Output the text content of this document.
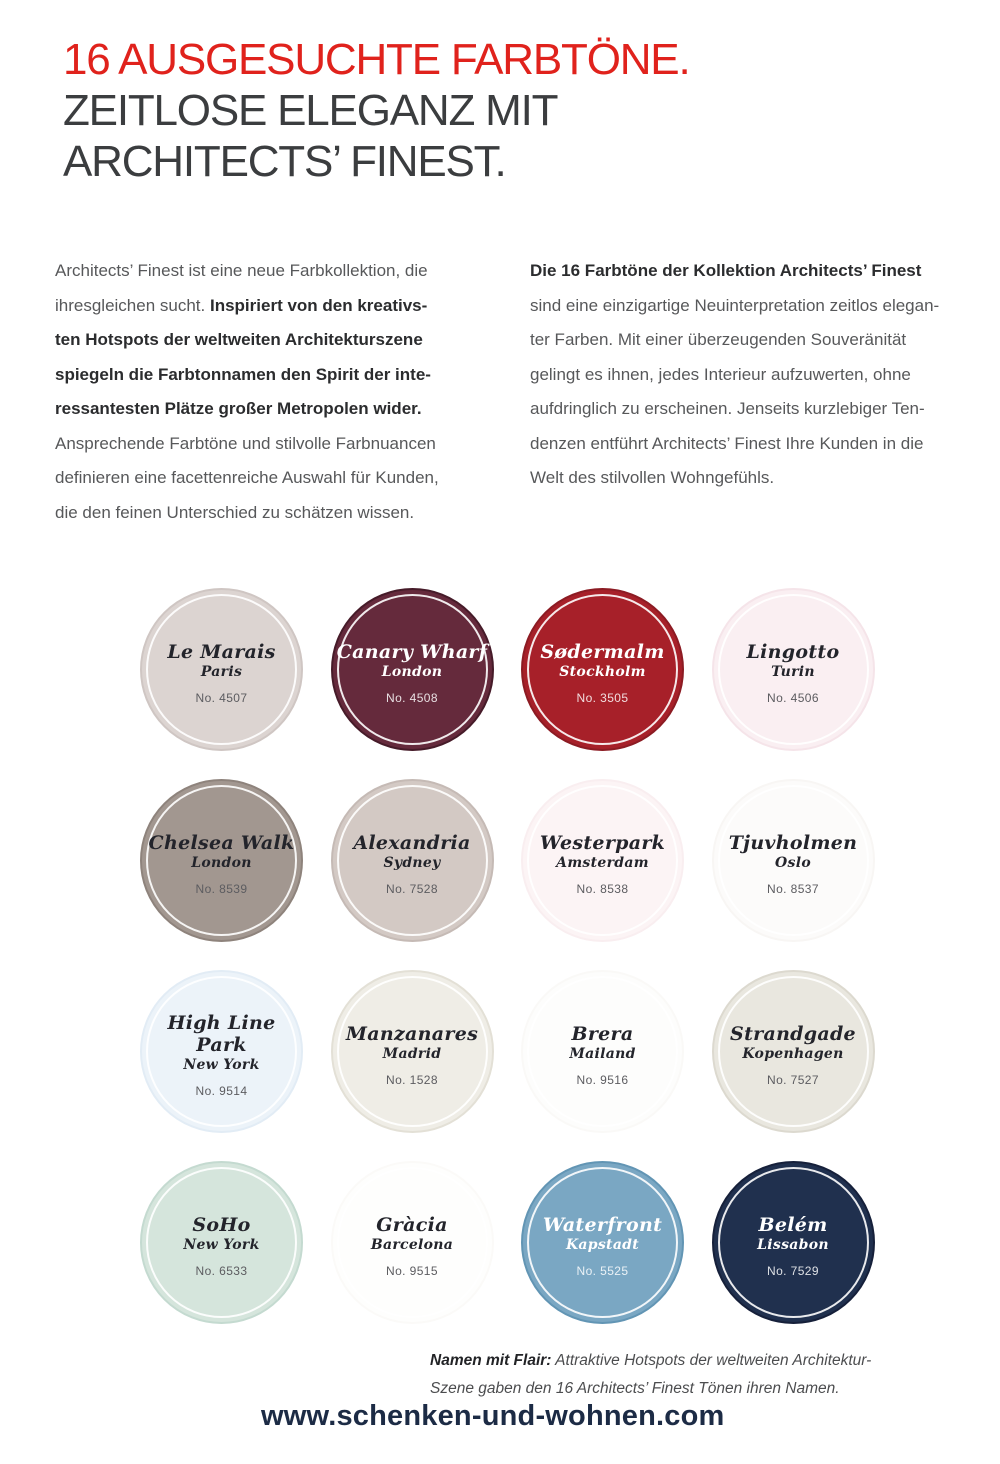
16 AUSGESUCHTE FARBTÖNE.
ZEITLOSE ELEGANZ MIT
ARCHITECTS’ FINEST.
Architects’ Finest ist eine neue Farbkollektion, die
ihresgleichen sucht. Inspiriert von den kreativs-
ten Hotspots der weltweiten Architekturszene
spiegeln die Farbtonnamen den Spirit der inte-
ressantesten Plätze großer Metropolen wider.
Ansprechende Farbtöne und stilvolle Farbnuancen
definieren eine facettenreiche Auswahl für Kunden,
die den feinen Unterschied zu schätzen wissen.
Die 16 Farbtöne der Kollektion Architects’ Finest
sind eine einzigartige Neuinterpretation zeitlos elegan-
ter Farben. Mit einer überzeugenden Souveränität
gelingt es ihnen, jedes Interieur aufzuwerten, ohne
aufdringlich zu erscheinen. Jenseits kurzlebiger Ten-
denzen entführt Architects’ Finest Ihre Kunden in die
Welt des stilvollen Wohngefühls.
Le Marais
Paris
No. 4507
Canary Wharf
London
No. 4508
Sødermalm
Stockholm
No. 3505
Lingotto
Turin
No. 4506
Chelsea Walk
London
No. 8539
Alexandria
Sydney
No. 7528
Westerpark
Amsterdam
No. 8538
Tjuvholmen
Oslo
No. 8537
High Line Park
New York
No. 9514
Manzanares
Madrid
No. 1528
Brera
Mailand
No. 9516
Strandgade
Kopenhagen
No. 7527
SoHo
New York
No. 6533
Gràcia
Barcelona
No. 9515
Waterfront
Kapstadt
No. 5525
Belém
Lissabon
No. 7529
Namen mit Flair: Attraktive Hotspots der weltweiten Architektur-
Szene gaben den 16 Architects’ Finest Tönen ihren Namen.
www.schenken-und-wohnen.com
